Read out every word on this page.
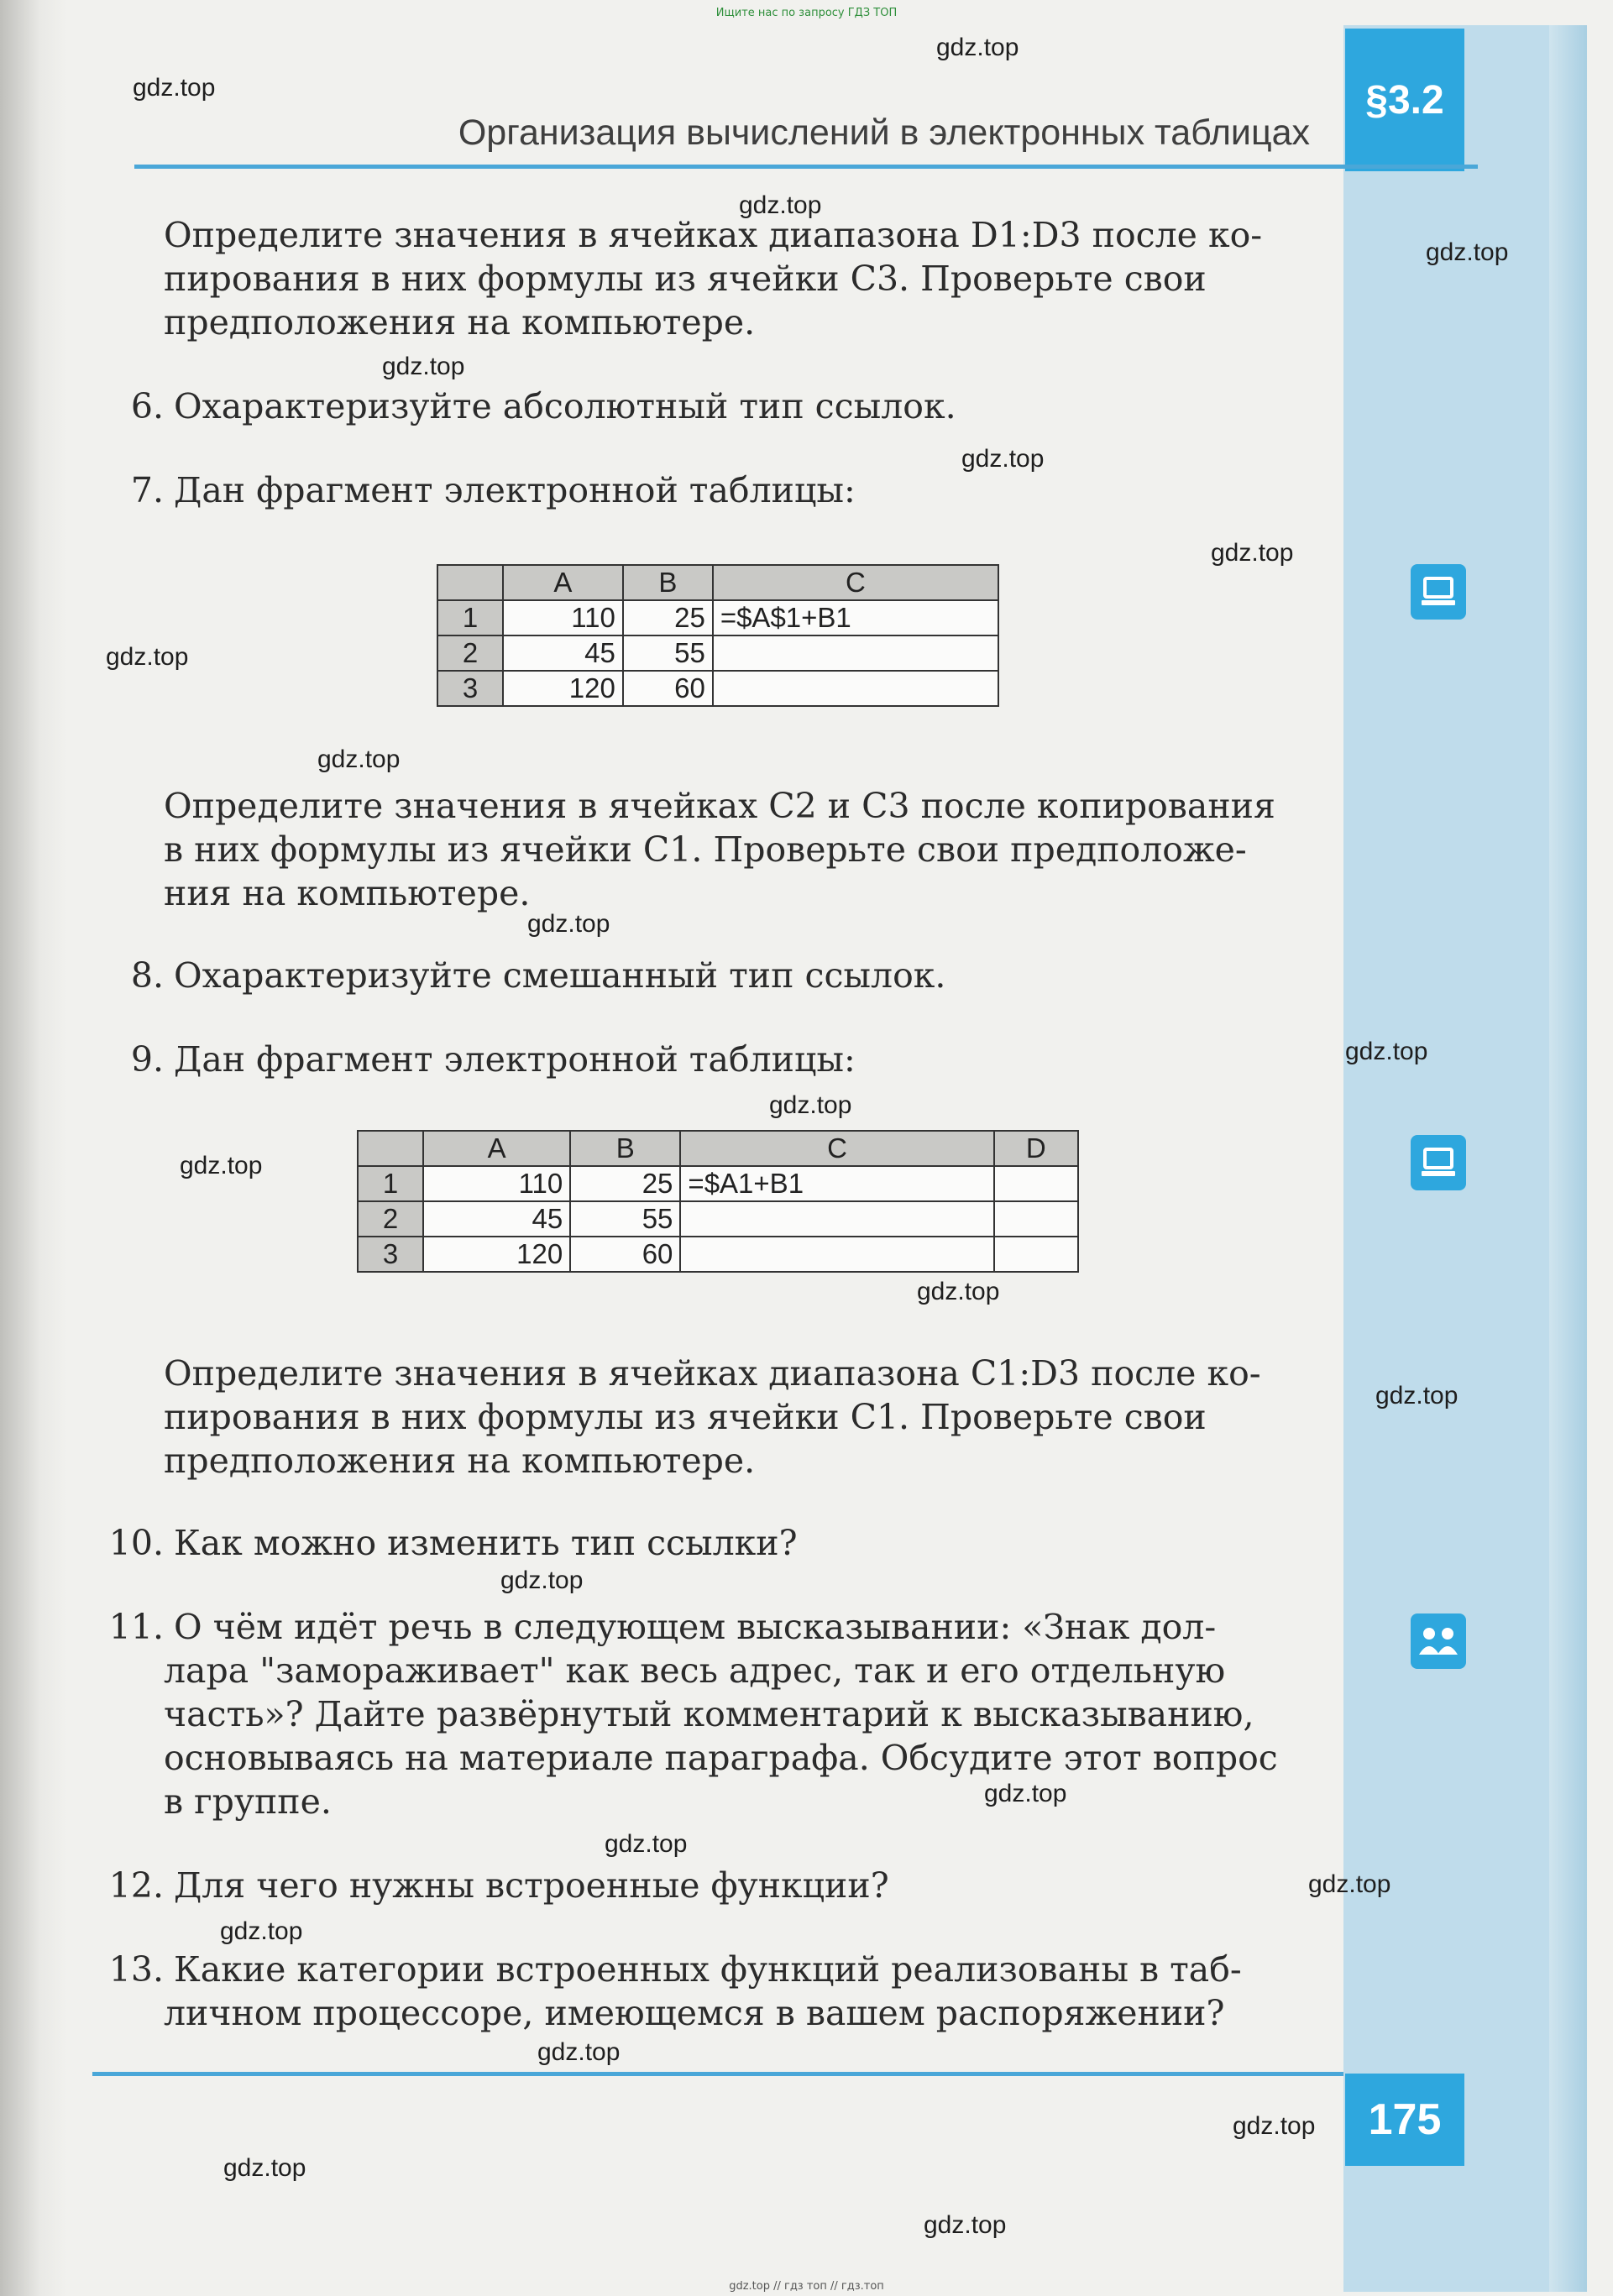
Ищите нас по запросу ГДЗ ТОП
§3.2
Организация вычислений в электронных таблицах
Определите значения в ячейках диапазона D1:D3 после ко-
пирования в них формулы из ячейки C3. Проверьте свои
предположения на компьютере.
6. Охарактеризуйте абсолютный тип ссылок.
7. Дан фрагмент электронной таблицы:
	A	B	C
1	110	25	=$A$1+B1
2	45	55	
3	120	60	
Определите значения в ячейках C2 и C3 после копирования
в них формулы из ячейки C1. Проверьте свои предположе-
ния на компьютере.
8. Охарактеризуйте смешанный тип ссылок.
9. Дан фрагмент электронной таблицы:
	A	B	C	D
1	110	25	=$A1+B1	
2	45	55		
3	120	60		
Определите значения в ячейках диапазона C1:D3 после ко-
пирования в них формулы из ячейки C1. Проверьте свои
предположения на компьютере.
10. Как можно изменить тип ссылки?
11. О чём идёт речь в следующем высказывании: «Знак дол-
лара "замораживает" как весь адрес, так и его отдельную
часть»? Дайте развёрнутый комментарий к высказыванию,
основываясь на материале параграфа. Обсудите этот вопрос
в группе.
12. Для чего нужны встроенные функции?
13. Какие категории встроенных функций реализованы в таб-
личном процессоре, имеющемся в вашем распоряжении?
175
gdz.top
gdz.top
gdz.top
gdz.top
gdz.top
gdz.top
gdz.top
gdz.top
gdz.top
gdz.top
gdz.top
gdz.top
gdz.top
gdz.top
gdz.top
gdz.top
gdz.top
gdz.top
gdz.top
gdz.top
gdz.top
gdz.top
gdz.top
gdz.top
gdz.top // гдз топ // гдз.топ
